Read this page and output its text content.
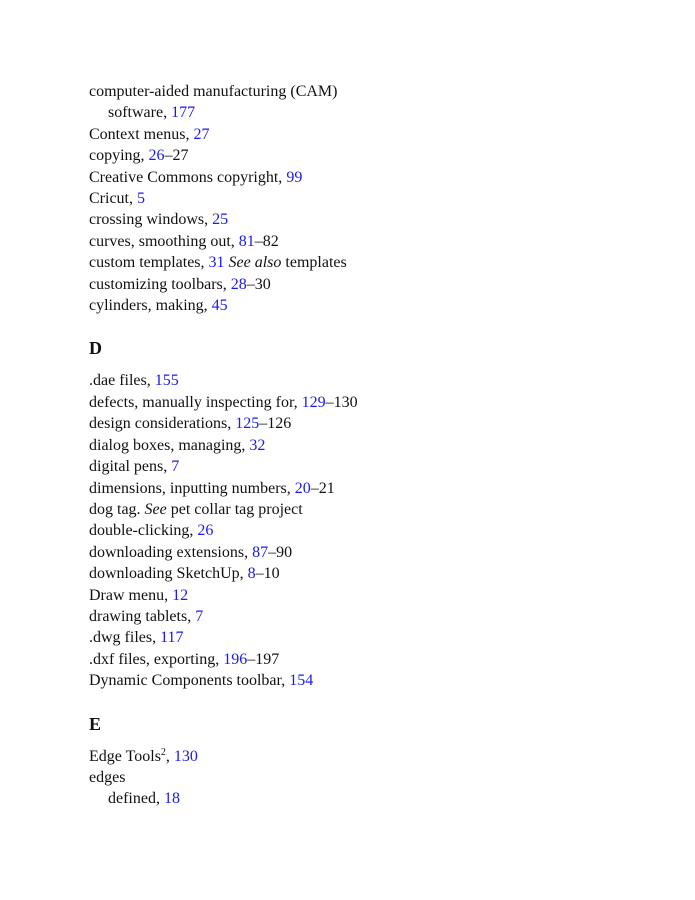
computer-aided manufacturing (CAM)
software, 177
Context menus, 27
copying, 26–27
Creative Commons copyright, 99
Cricut, 5
crossing windows, 25
curves, smoothing out, 81–82
custom templates, 31 See also templates
customizing toolbars, 28–30
cylinders, making, 45
D
.dae files, 155
defects, manually inspecting for, 129–130
design considerations, 125–126
dialog boxes, managing, 32
digital pens, 7
dimensions, inputting numbers, 20–21
dog tag. See pet collar tag project
double-clicking, 26
downloading extensions, 87–90
downloading SketchUp, 8–10
Draw menu, 12
drawing tablets, 7
.dwg files, 117
.dxf files, exporting, 196–197
Dynamic Components toolbar, 154
E
Edge Tools$^2$, 130
edges
defined, 18
